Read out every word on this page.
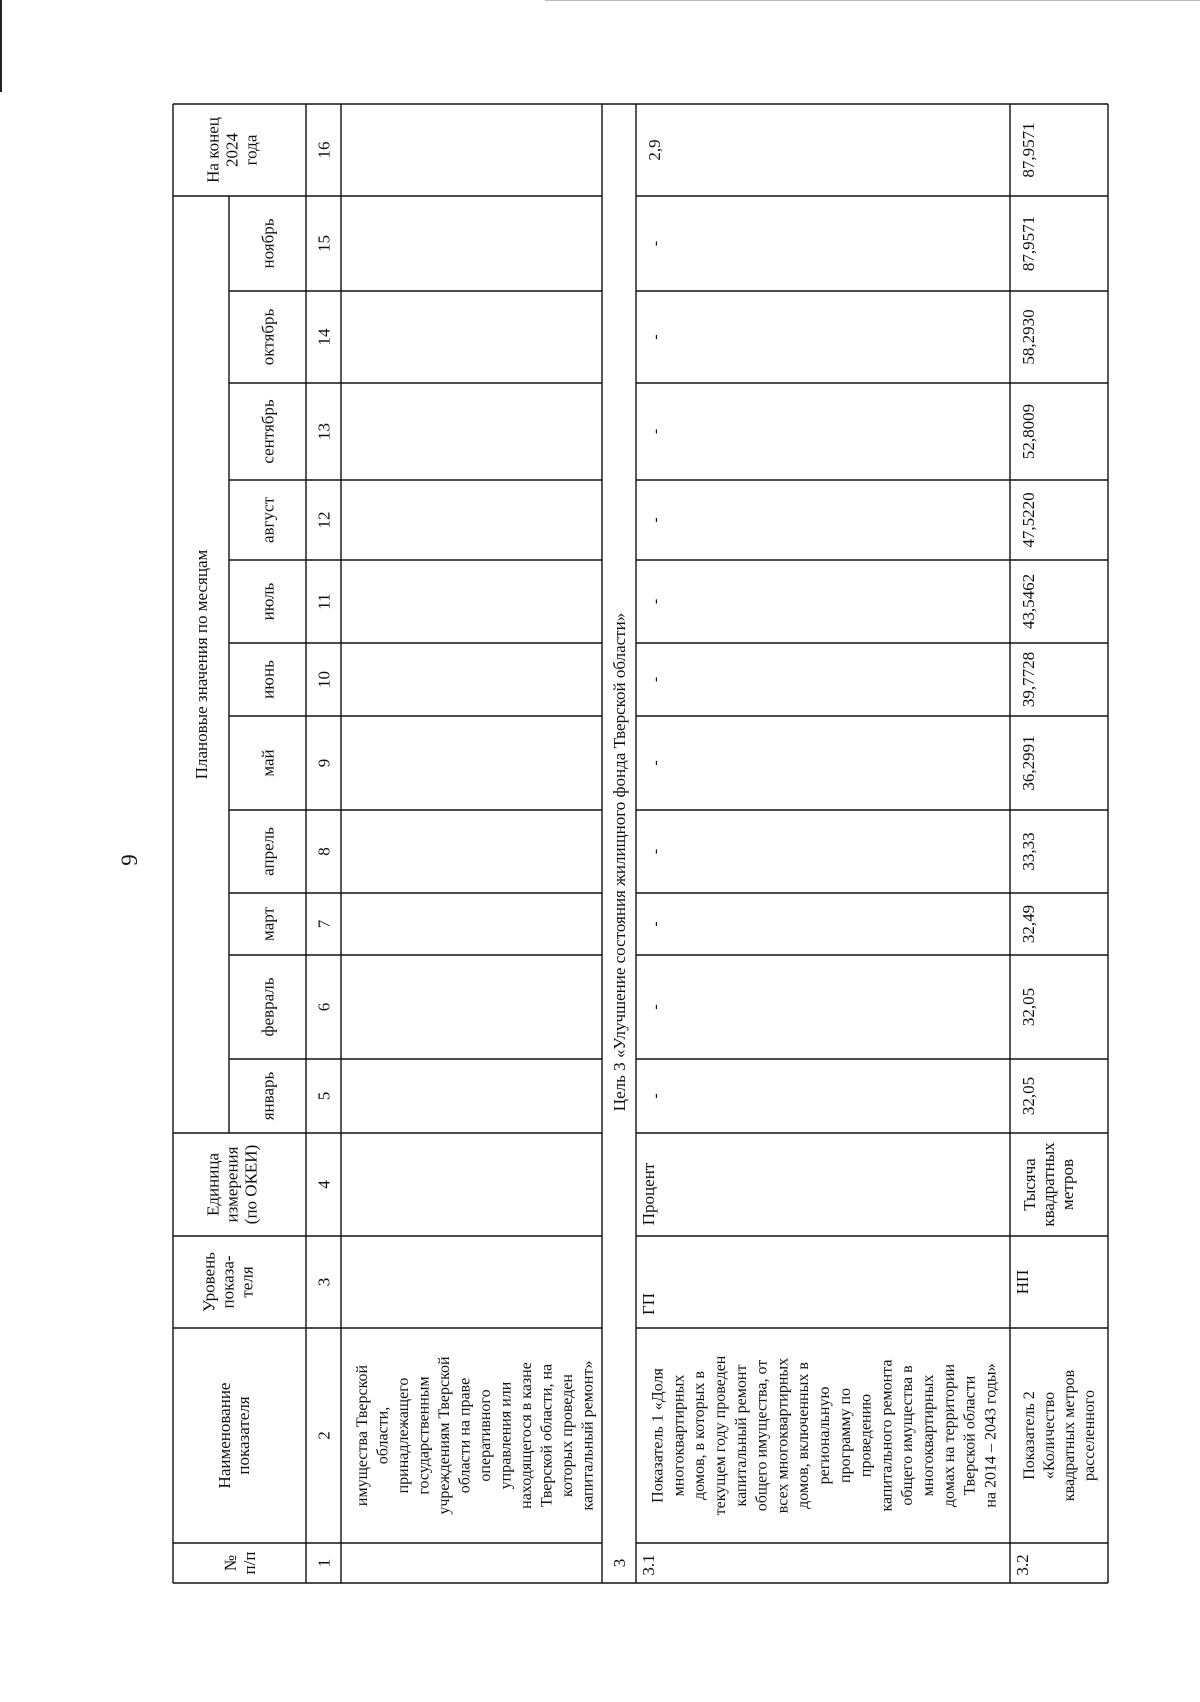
9
№п/п
Наименованиепоказателя
Уровеньпоказа-теля
Единицаизмерения(по ОКЕИ)
Плановые значения по месяцам
январь
февраль
март
апрель
май
июнь
июль
август
сентябрь
октябрь
ноябрь
На конец2024года
1
2
3
4
5
6
7
8
9
10
11
12
13
14
15
16
имущества Тверской области, принадлежащего государственным учреждениям Тверской области на праве оперативного управления или находящегося в казне Тверской области, на которых проведен капитальный ремонт»
3
Цель 3 «Улучшение состояния жилищного фонда Тверской области»
3.1
Показатель 1 «Доля многоквартирных домов, в которых в текущем году проведен капитальный ремонт общего имущества, от всех многоквартирных домов, включенных в региональную программу по проведению капитального ремонта общего имущества в многоквартирных домах на территории Тверской области на 2014 – 2043 годы»
ГП
Процент
-
-
-
-
-
-
-
-
-
-
-
2,9
3.2
Показатель 2 «Количество квадратных метров расселенного
НП
Тысячаквадратныхметров
32,05
32,05
32,49
33,33
36,2991
39,7728
43,5462
47,5220
52,8009
58,2930
87,9571
87,9571
